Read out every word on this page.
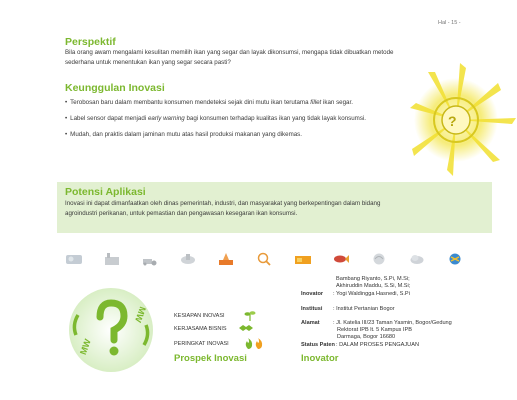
Hal - 15 -
?
Perspektif
Bila orang awam mengalami kesulitan memilih ikan yang segar dan layak dikonsumsi, mengapa tidak dibuatkan metode sederhana untuk menentukan ikan yang segar secara pasti?
Keunggulan Inovasi
• Terobosan baru dalam membantu konsumen mendeteksi sejak dini mutu ikan terutama fillet ikan segar.
• Label sensor dapat menjadi early warning bagi konsumen terhadap kualitas ikan yang tidak layak konsumsi.
• Mudah, dan praktis dalam jaminan mutu atas hasil produksi makanan yang dikemas.
Potensi Aplikasi
Inovasi ini dapat dimanfaatkan oleh dinas pemerintah, industri, dan masyarakat yang berkepentingan dalam bidang agroindustri perikanan, untuk pemastian dan pengawasan kesegaran ikan konsumsi.
MW
MW	KESIAPAN INOVASI
KERJASAMA BISNIS
PERINGKAT INOVASI
Prospek Inovasi
Bambang Riyanto, S.Pi, M.Si;
Akhiruddin Maddu, S.Si, M.Si;
Inovator : Yogi Waldingga Hasnedi, S.Pi
Institusi : Institut Pertanian Bogor
Alamat : Jl. Katelia III/23 Taman Yasmin, Bogor/Gedung
Rektorat IPB lt. 5 Kampus IPB
Darmaga, Bogor 16680
Status Paten : DALAM PROSES PENGAJUAN
Inovator
